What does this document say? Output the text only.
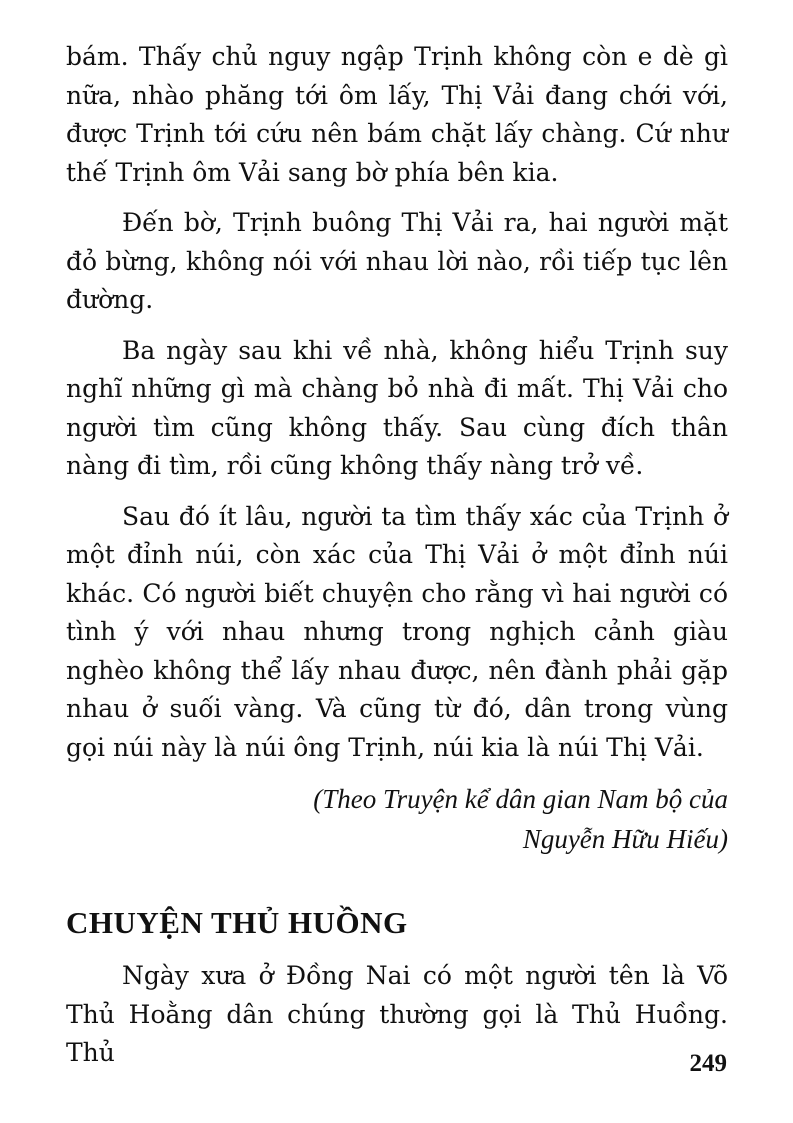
bám. Thấy chủ nguy ngập Trịnh không còn e dè gì nữa, nhào phăng tới ôm lấy, Thị Vải đang chới với, được Trịnh tới cứu nên bám chặt lấy chàng. Cứ như thế Trịnh ôm Vải sang bờ phía bên kia.

Đến bờ, Trịnh buông Thị Vải ra, hai người mặt đỏ bừng, không nói với nhau lời nào, rồi tiếp tục lên đường.

Ba ngày sau khi về nhà, không hiểu Trịnh suy nghĩ những gì mà chàng bỏ nhà đi mất. Thị Vải cho người tìm cũng không thấy. Sau cùng đích thân nàng đi tìm, rồi cũng không thấy nàng trở về.

Sau đó ít lâu, người ta tìm thấy xác của Trịnh ở một đỉnh núi, còn xác của Thị Vải ở một đỉnh núi khác. Có người biết chuyện cho rằng vì hai người có tình ý với nhau nhưng trong nghịch cảnh giàu nghèo không thể lấy nhau được, nên đành phải gặp nhau ở suối vàng. Và cũng từ đó, dân trong vùng gọi núi này là núi ông Trịnh, núi kia là núi Thị Vải.

(Theo Truyện kể dân gian Nam bộ của
Nguyễn Hữu Hiếu)
CHUYỆN THỦ HUỒNG

Ngày xưa ở Đồng Nai có một người tên là Võ Thủ Hoằng dân chúng thường gọi là Thủ Huồng. Thủ	249
